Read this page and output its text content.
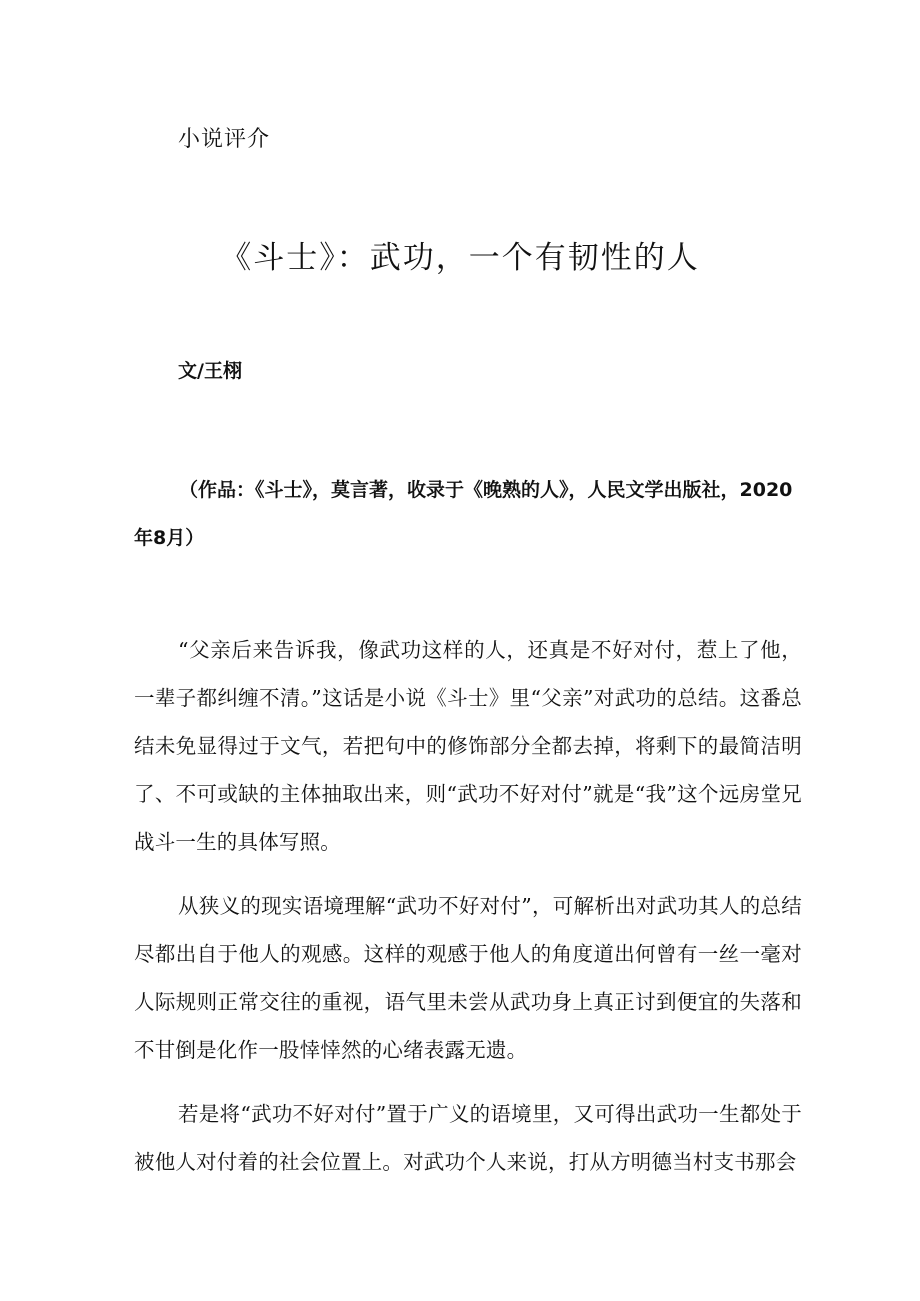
小说评介
《斗士》：武功，一个有韧性的人
文/王栩

（作品：《斗士》，莫言著，收录于《晚熟的人》，人民文学出版社，2020年8月）

“父亲后来告诉我，像武功这样的人，还真是不好对付，惹上了他，一辈子都纠缠不清。”这话是小说《斗士》里“父亲”对武功的总结。这番总结未免显得过于文气，若把句中的修饰部分全都去掉，将剩下的最简洁明了、不可或缺的主体抽取出来，则“武功不好对付”就是“我”这个远房堂兄战斗一生的具体写照。

从狭义的现实语境理解“武功不好对付”，可解析出对武功其人的总结尽都出自于他人的观感。这样的观感于他人的角度道出何曾有一丝一毫对人际规则正常交往的重视，语气里未尝从武功身上真正讨到便宜的失落和不甘倒是化作一股悻悻然的心绪表露无遗。

若是将“武功不好对付”置于广义的语境里，又可得出武功一生都处于被他人对付着的社会位置上。对武功个人来说，打从方明德当村支书那会
